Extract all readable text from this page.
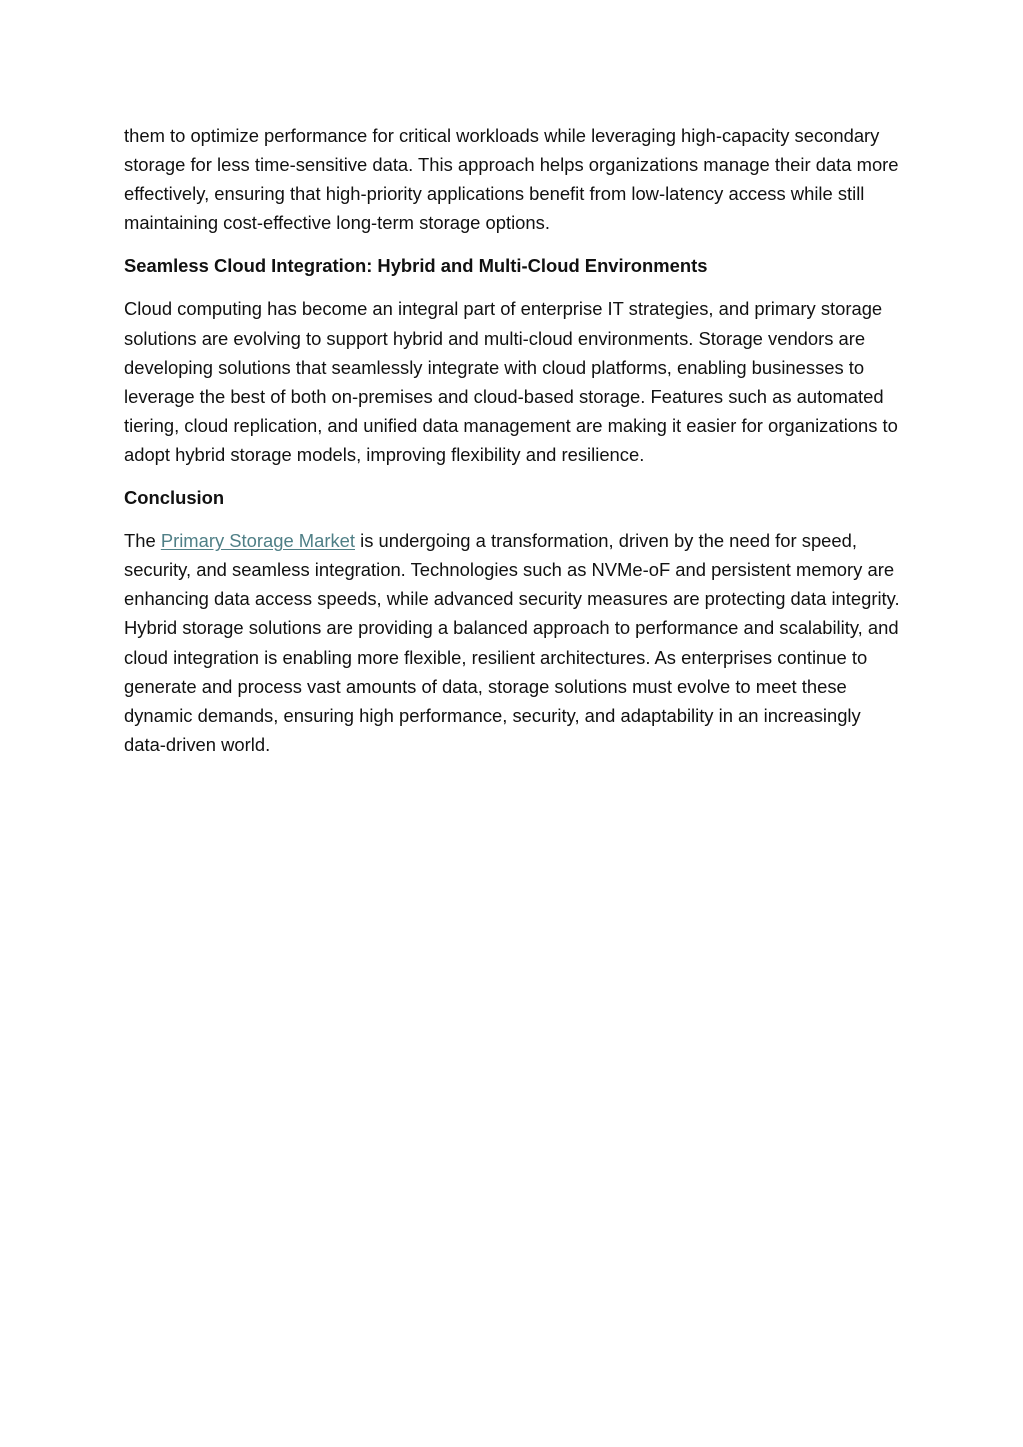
them to optimize performance for critical workloads while leveraging high-capacity secondary storage for less time-sensitive data. This approach helps organizations manage their data more effectively, ensuring that high-priority applications benefit from low-latency access while still maintaining cost-effective long-term storage options.

Seamless Cloud Integration: Hybrid and Multi-Cloud Environments

Cloud computing has become an integral part of enterprise IT strategies, and primary storage solutions are evolving to support hybrid and multi-cloud environments. Storage vendors are developing solutions that seamlessly integrate with cloud platforms, enabling businesses to leverage the best of both on-premises and cloud-based storage. Features such as automated tiering, cloud replication, and unified data management are making it easier for organizations to adopt hybrid storage models, improving flexibility and resilience.

Conclusion

The Primary Storage Market is undergoing a transformation, driven by the need for speed, security, and seamless integration. Technologies such as NVMe-oF and persistent memory are enhancing data access speeds, while advanced security measures are protecting data integrity. Hybrid storage solutions are providing a balanced approach to performance and scalability, and cloud integration is enabling more flexible, resilient architectures. As enterprises continue to generate and process vast amounts of data, storage solutions must evolve to meet these dynamic demands, ensuring high performance, security, and adaptability in an increasingly data-driven world.
